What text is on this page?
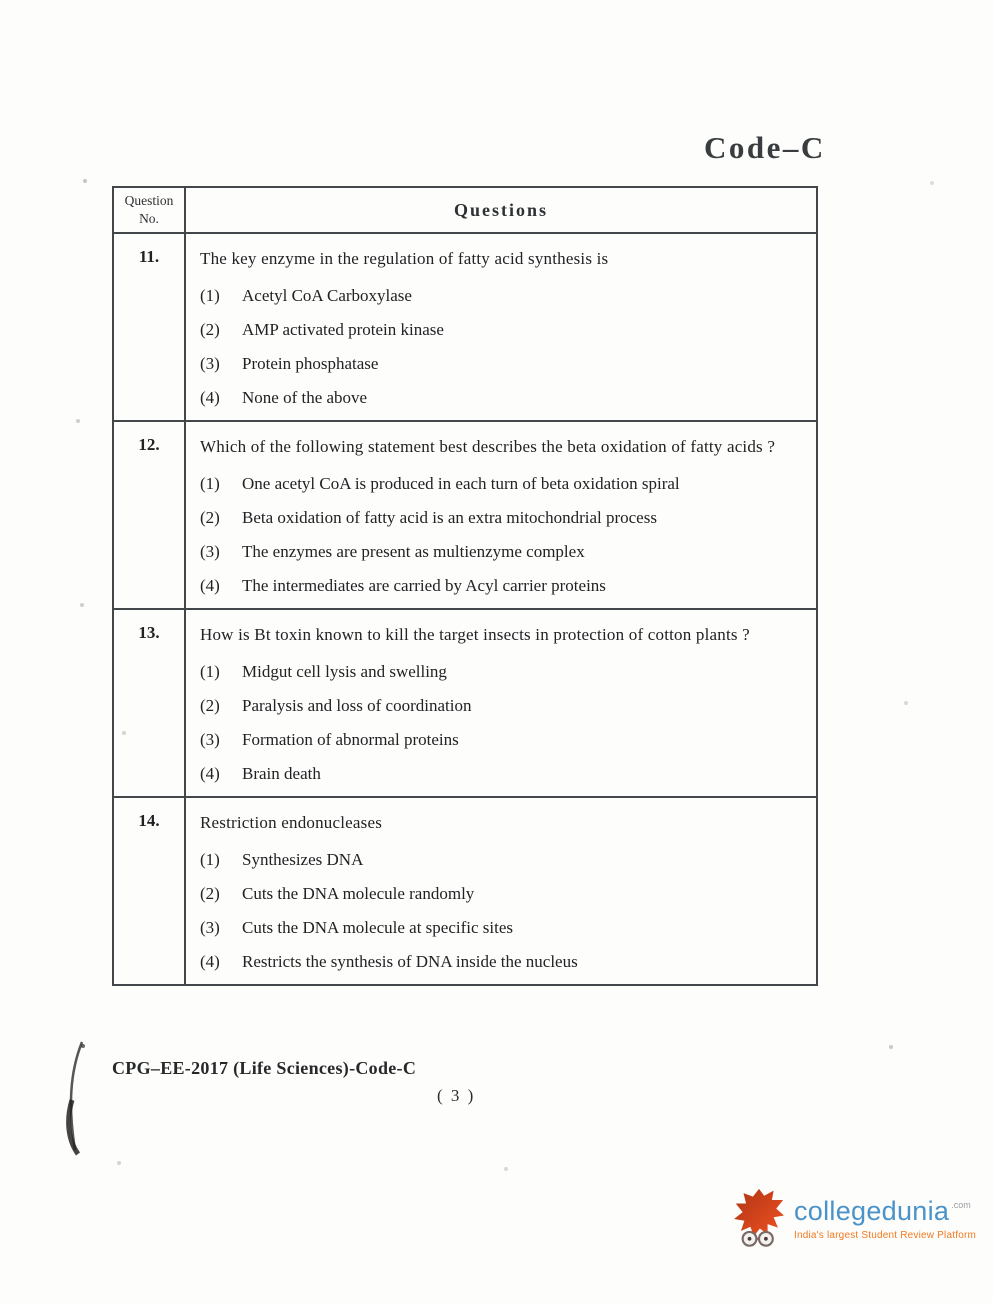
Code–C
Question
No.	Questions
11.	The key enzyme in the regulation of fatty acid synthesis is
(1)	Acetyl CoA Carboxylase
(2)	AMP activated protein kinase
(3)	Protein phosphatase
(4)	None of the above
12.	Which of the following statement best describes the beta oxidation of fatty acids ?
(1)	One acetyl CoA is produced in each turn of beta oxidation spiral
(2)	Beta oxidation of fatty acid is an extra mitochondrial process
(3)	The enzymes are present as multienzyme complex
(4)	The intermediates are carried by Acyl carrier proteins
13.	How is Bt toxin known to kill the target insects in protection of cotton plants ?
(1)	Midgut cell lysis and swelling
(2)	Paralysis and loss of coordination
(3)	Formation of abnormal proteins
(4)	Brain death
14.	Restriction endonucleases
(1)	Synthesizes DNA
(2)	Cuts the DNA molecule randomly
(3)	Cuts the DNA molecule at specific sites
(4)	Restricts the synthesis of DNA inside the nucleus
CPG–EE-2017 (Life Sciences)-Code-C
( 3 )
collegedunia .com
India's largest Student Review Platform
